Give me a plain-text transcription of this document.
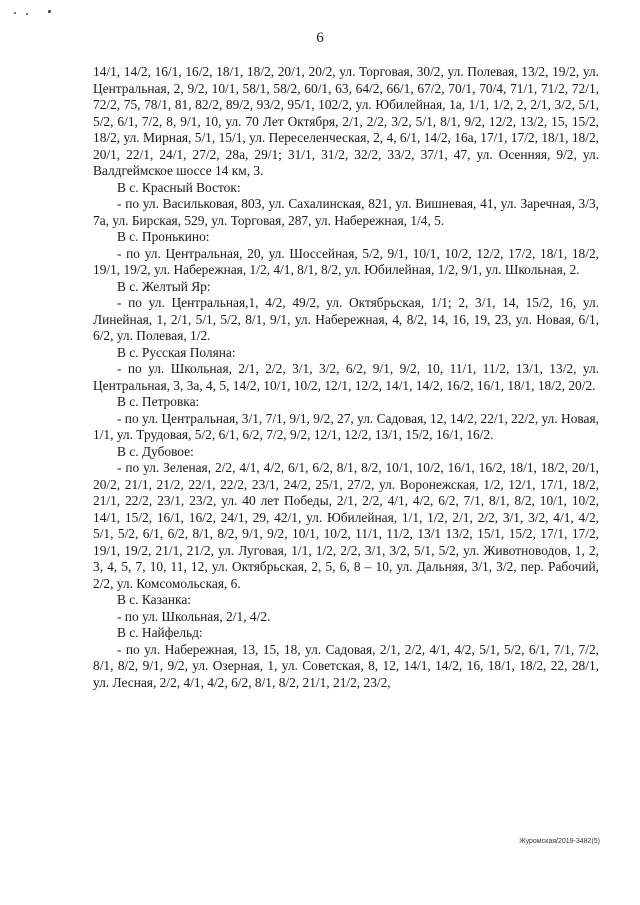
6

14/1, 14/2, 16/1, 16/2, 18/1, 18/2, 20/1, 20/2, ул. Торговая, 30/2, ул. Полевая, 13/2, 19/2, ул. Центральная, 2, 9/2, 10/1, 58/1, 58/2, 60/1, 63, 64/2, 66/1, 67/2, 70/1, 70/4, 71/1, 71/2, 72/1, 72/2, 75, 78/1, 81, 82/2, 89/2, 93/2, 95/1, 102/2, ул. Юбилейная, 1а, 1/1, 1/2, 2, 2/1, 3/2, 5/1, 5/2, 6/1, 7/2, 8, 9/1, 10, ул. 70 Лет Октября, 2/1, 2/2, 3/2, 5/1, 8/1, 9/2, 12/2, 13/2, 15, 15/2, 18/2, ул. Мирная, 5/1, 15/1, ул. Переселенческая, 2, 4, 6/1, 14/2, 16а, 17/1, 17/2, 18/1, 18/2, 20/1, 22/1, 24/1, 27/2, 28а, 29/1; 31/1, 31/2, 32/2, 33/2, 37/1, 47, ул. Осенняя, 9/2, ул. Валдгеймское шоссе 14 км, 3.

В с. Красный Восток:

- по ул. Васильковая, 803, ул. Сахалинская, 821, ул. Вишневая, 41, ул. Заречная, 3/3, 7а, ул. Бирская, 529, ул. Торговая, 287, ул. Набережная, 1/4, 5.

В с. Пронькино:

- по ул. Центральная, 20, ул. Шоссейная, 5/2, 9/1, 10/1, 10/2, 12/2, 17/2, 18/1, 18/2, 19/1, 19/2, ул. Набережная, 1/2, 4/1, 8/1, 8/2, ул. Юбилейная, 1/2, 9/1, ул. Школьная, 2.

В с. Желтый Яр:

- по ул. Центральная,1, 4/2, 49/2, ул. Октябрьская, 1/1; 2, 3/1, 14, 15/2, 16, ул. Линейная, 1, 2/1, 5/1, 5/2, 8/1, 9/1, ул. Набережная, 4, 8/2, 14, 16, 19, 23, ул. Новая, 6/1, 6/2, ул. Полевая, 1/2.

В с. Русская Поляна:

- по ул. Школьная, 2/1, 2/2, 3/1, 3/2, 6/2, 9/1, 9/2, 10, 11/1, 11/2, 13/1, 13/2, ул. Центральная, 3, 3а, 4, 5, 14/2, 10/1, 10/2, 12/1, 12/2, 14/1, 14/2, 16/2, 16/1, 18/1, 18/2, 20/2.

В с. Петровка:

- по ул. Центральная, 3/1, 7/1, 9/1, 9/2, 27, ул. Садовая, 12, 14/2, 22/1, 22/2, ул. Новая, 1/1, ул. Трудовая, 5/2, 6/1, 6/2, 7/2, 9/2, 12/1, 12/2, 13/1, 15/2, 16/1, 16/2.

В с. Дубовое:

- по ул. Зеленая, 2/2, 4/1, 4/2, 6/1, 6/2, 8/1, 8/2, 10/1, 10/2, 16/1, 16/2, 18/1, 18/2, 20/1, 20/2, 21/1, 21/2, 22/1, 22/2, 23/1, 24/2, 25/1, 27/2, ул. Воронежская, 1/2, 12/1, 17/1, 18/2, 21/1, 22/2, 23/1, 23/2, ул. 40 лет Победы, 2/1, 2/2, 4/1, 4/2, 6/2, 7/1, 8/1, 8/2, 10/1, 10/2, 14/1, 15/2, 16/1, 16/2, 24/1, 29, 42/1, ул. Юбилейная, 1/1, 1/2, 2/1, 2/2, 3/1, 3/2, 4/1, 4/2, 5/1, 5/2, 6/1, 6/2, 8/1, 8/2, 9/1, 9/2, 10/1, 10/2, 11/1, 11/2, 13/1 13/2, 15/1, 15/2, 17/1, 17/2, 19/1, 19/2, 21/1, 21/2, ул. Луговая, 1/1, 1/2, 2/2, 3/1, 3/2, 5/1, 5/2, ул. Животноводов, 1, 2, 3, 4, 5, 7, 10, 11, 12, ул. Октябрьская, 2, 5, 6, 8 – 10, ул. Дальняя, 3/1, 3/2, пер. Рабочий, 2/2, ул. Комсомольская, 6.

В с. Казанка:

- по ул. Школьная, 2/1, 4/2.

В с. Найфельд:

- по ул. Набережная, 13, 15, 18, ул. Садовая, 2/1, 2/2, 4/1, 4/2, 5/1, 5/2, 6/1, 7/1, 7/2, 8/1, 8/2, 9/1, 9/2, ул. Озерная, 1, ул. Советская, 8, 12, 14/1, 14/2, 16, 18/1, 18/2, 22, 28/1, ул. Лесная, 2/2, 4/1, 4/2, 6/2, 8/1, 8/2, 21/1, 21/2, 23/2,

Журомская/2019-3482(5)
